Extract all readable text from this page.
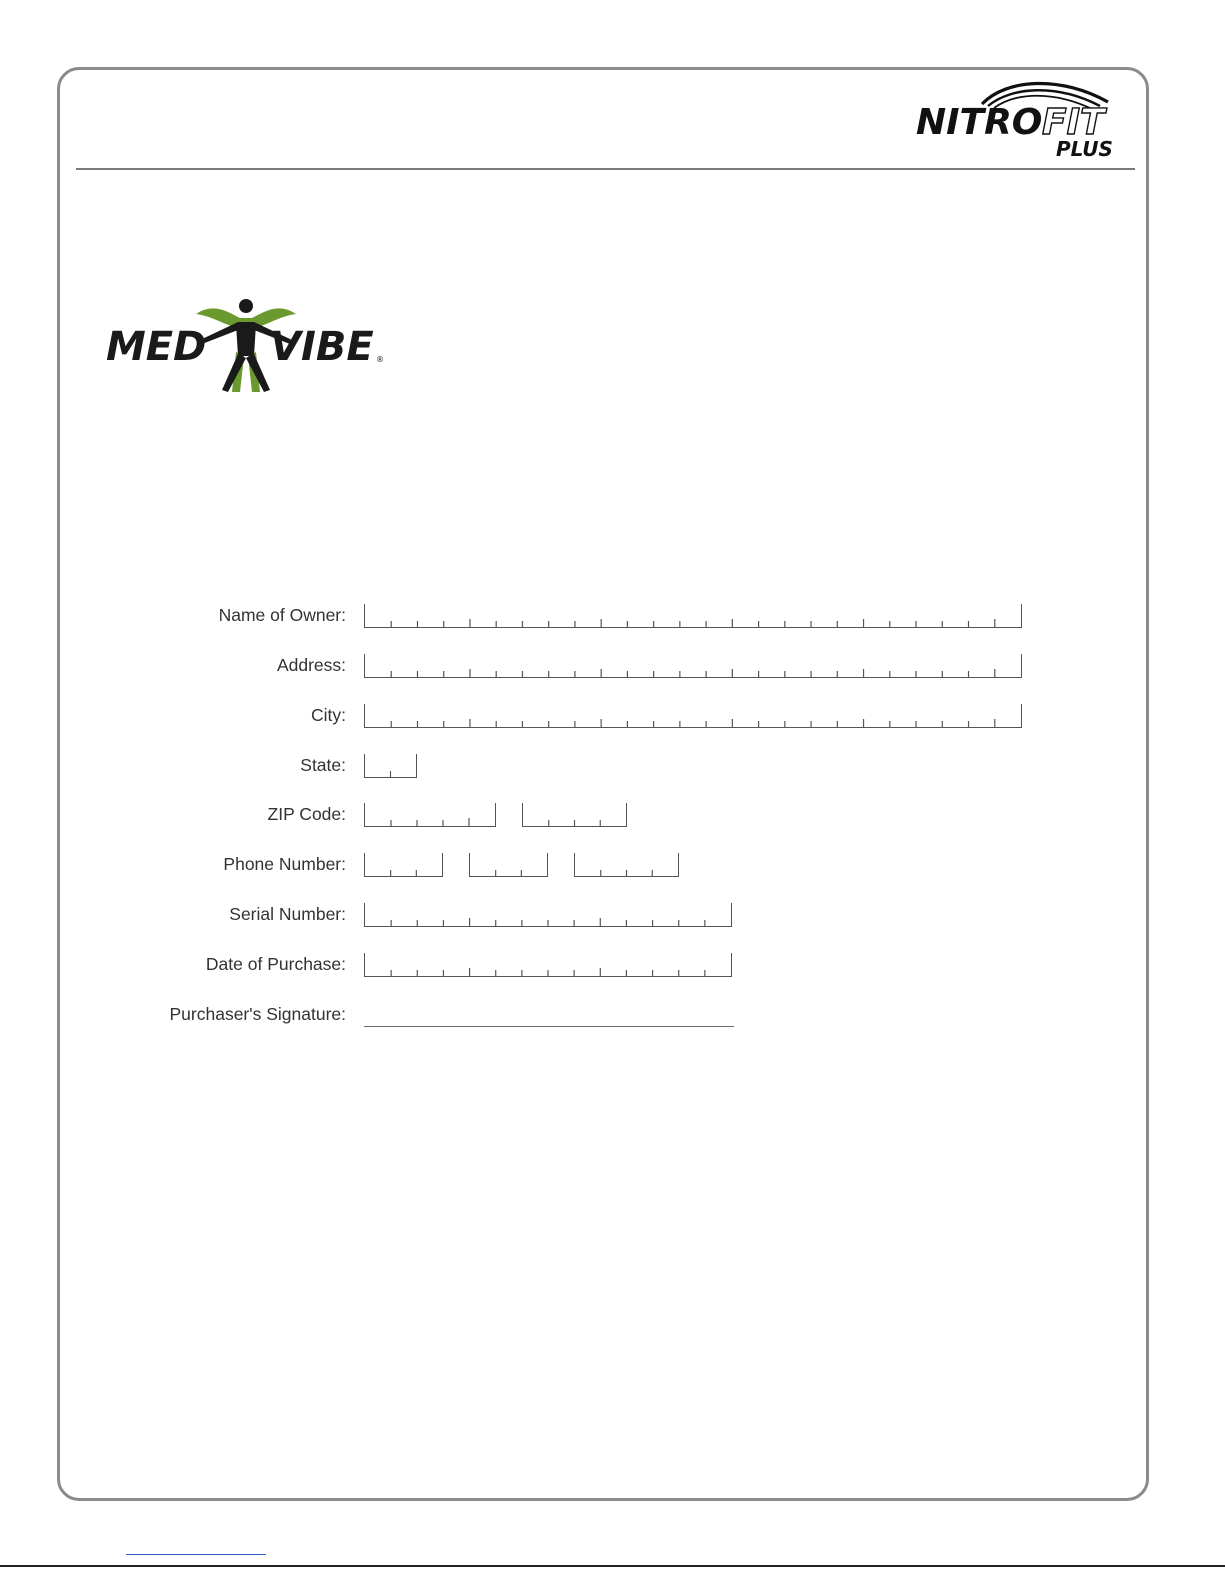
NITRO FIT
PLUS
MED VIBE ®
Name of Owner:
Address:
City:
State:
ZIP Code:
Phone Number:
Serial Number:
Date of Purchase:
Purchaser's Signature:
